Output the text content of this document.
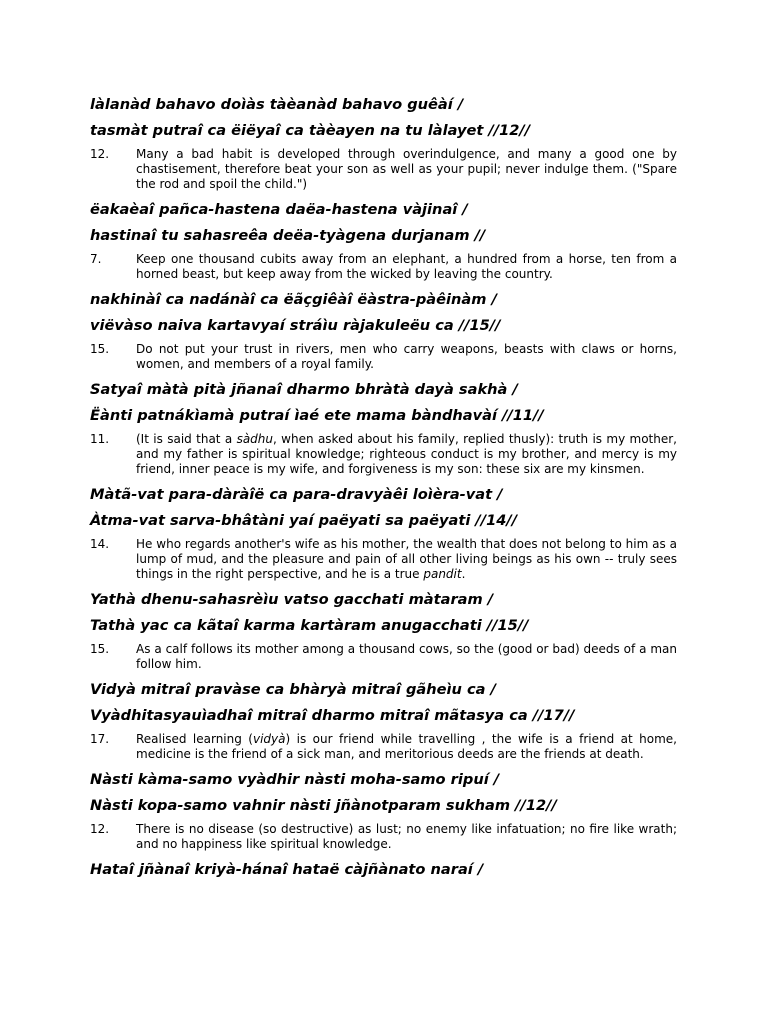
làlanàd bahavo doìàs tàèanàd bahavo guêàí /
tasmàt putraî ca ëiëyaî ca tàèayen na tu làlayet //12//
12.	Many a bad habit is developed through overindulgence, and many a good one by chastisement, therefore beat your son as well as your pupil; never indulge them. ("Spare the rod and spoil the child.")
ëakaèaî pañca-hastena daëa-hastena vàjinaî /
hastinaî tu sahasreêa deëa-tyàgena durjanam //
7.	Keep one thousand cubits away from an elephant, a hundred from a horse, ten from a horned beast, but keep away from the wicked by leaving the country.
nakhinàî ca nadánàî ca ëãçgiêàî ëàstra-pàêinàm /
viëvàso naiva kartavyaí stráìu ràjakuleëu ca //15//
15.	Do not put your trust in rivers, men who carry weapons, beasts with claws or horns, women, and members of a royal family.
Satyaî màtà pità jñanaî dharmo bhràtà dayà sakhà /
Ëànti patnákìamà putraí ìaé ete mama bàndhavàí //11//
11.	(It is said that a sàdhu, when asked about his family, replied thusly): truth is my mother, and my father is spiritual knowledge; righteous conduct is my brother, and mercy is my friend, inner peace is my wife, and forgiveness is my son: these six are my kinsmen.
Màtã-vat para-dàràîë ca para-dravyàêi loìèra-vat /
Àtma-vat sarva-bhâtàni yaí paëyati sa paëyati //14//
14.	He who regards another's wife as his mother, the wealth that does not belong to him as a lump of mud, and the pleasure and pain of all other living beings as his own -- truly sees things in the right perspective, and he is a true pandit.
Yathà dhenu-sahasrèìu vatso gacchati màtaram /
Tathà yac ca kãtaî karma kartàram anugacchati //15//
15.	As a calf follows its mother among a thousand cows, so the (good or bad) deeds of a man follow him.
Vidyà mitraî pravàse ca bhàryà mitraî gãheìu ca /
Vyàdhitasyauìadhaî mitraî dharmo mitraî mãtasya ca //17//
17.	Realised learning (vidyà) is our friend while travelling , the wife is a friend at home, medicine is the friend of a sick man, and meritorious deeds are the friends at death.
Nàsti kàma-samo vyàdhir nàsti moha-samo ripuí /
Nàsti kopa-samo vahnir nàsti jñànotparam sukham //12//
12.	There is no disease (so destructive) as lust; no enemy like infatuation; no fire like wrath; and no happiness like spiritual knowledge.
Hataî jñànaî kriyà-hánaî hataë càjñànato naraí /
